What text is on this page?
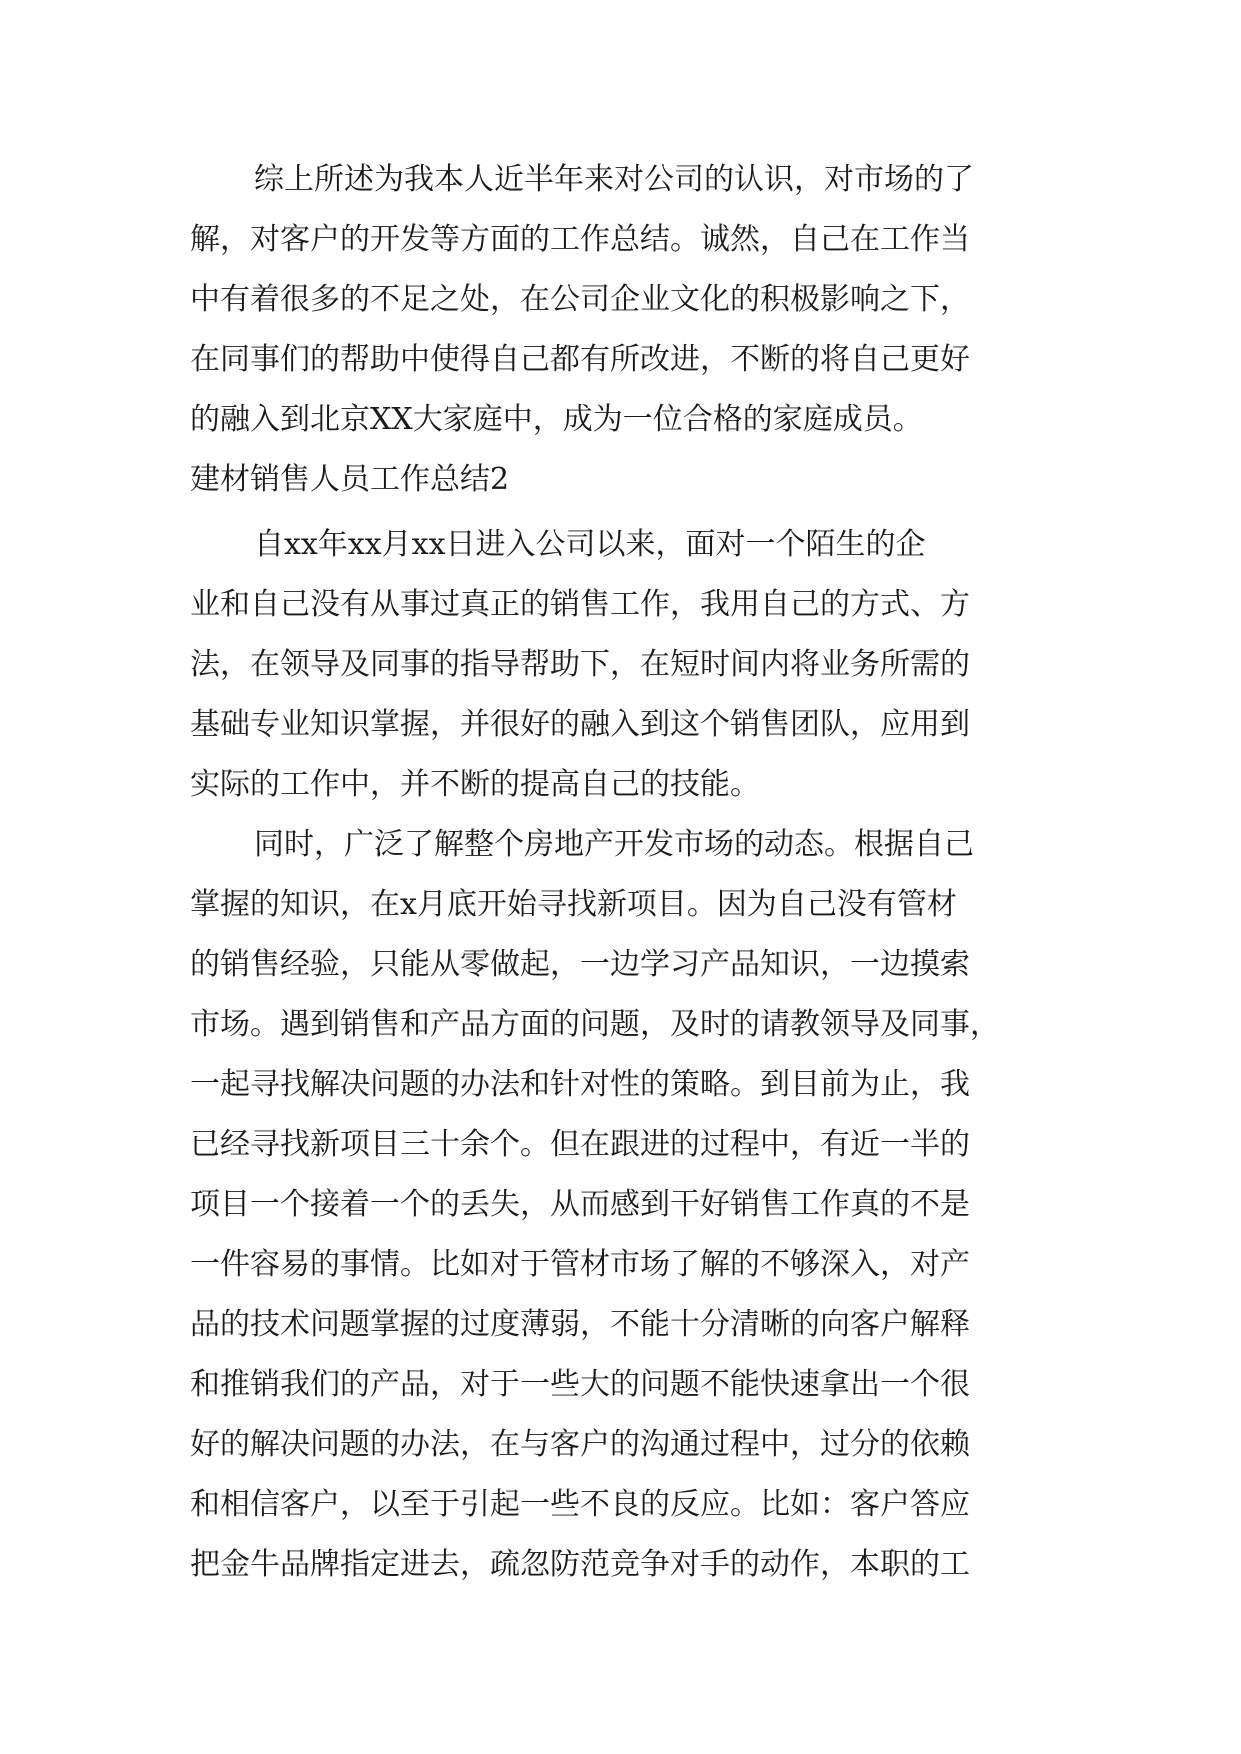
综上所述为我本人近半年来对公司的认识，对市场的了
解，对客户的开发等方面的工作总结。诚然，自己在工作当
中有着很多的不足之处，在公司企业文化的积极影响之下，
在同事们的帮助中使得自己都有所改进，不断的将自己更好
的融入到北京XX大家庭中，成为一位合格的家庭成员。
建材销售人员工作总结2
自xx年xx月xx日进入公司以来，面对一个陌生的企
业和自己没有从事过真正的销售工作，我用自己的方式、方
法，在领导及同事的指导帮助下，在短时间内将业务所需的
基础专业知识掌握，并很好的融入到这个销售团队，应用到
实际的工作中，并不断的提高自己的技能。
同时，广泛了解整个房地产开发市场的动态。根据自己
掌握的知识，在x月底开始寻找新项目。因为自己没有管材
的销售经验，只能从零做起，一边学习产品知识，一边摸索
市场。遇到销售和产品方面的问题，及时的请教领导及同事，
一起寻找解决问题的办法和针对性的策略。到目前为止，我
已经寻找新项目三十余个。但在跟进的过程中，有近一半的
项目一个接着一个的丢失，从而感到干好销售工作真的不是
一件容易的事情。比如对于管材市场了解的不够深入，对产
品的技术问题掌握的过度薄弱，不能十分清晰的向客户解释
和推销我们的产品，对于一些大的问题不能快速拿出一个很
好的解决问题的办法，在与客户的沟通过程中，过分的依赖
和相信客户，以至于引起一些不良的反应。比如：客户答应
把金牛品牌指定进去，疏忽防范竞争对手的动作，本职的工
